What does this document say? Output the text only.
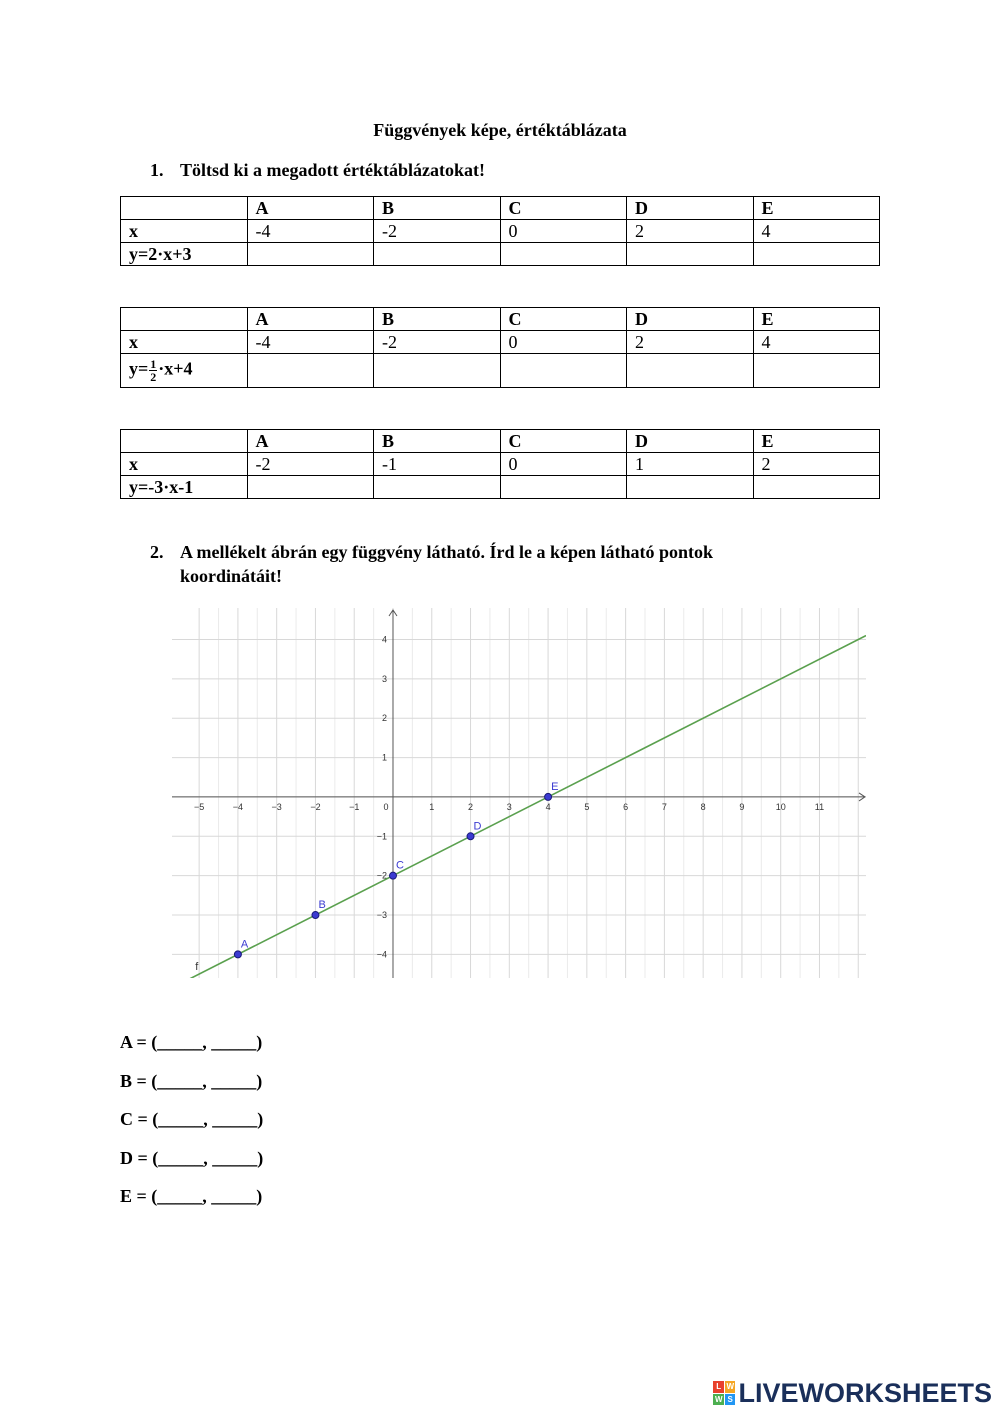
Függvények képe, értéktáblázata
1. Töltsd ki a megadott értéktáblázatokat!
	A	B	C	D	E
x	-4	-2	0	2	4
y=2·x+3					
	A	B	C	D	E
x	-4	-2	0	2	4
$y= \frac{1}{2} \cdot x+4$					
	A	B	C	D	E
x	-2	-1	0	1	2
y=-3·x-1					
2. A mellékelt ábrán egy függvény látható. Írd le a képen látható pontok koordinátáit!
−5	−4	−3	−2	−1	0	1	2	3	4	5	6	7	8	9	10	11
−4
−3
−2
−1
1
2
3
4
f
A
B
C
D
E
A = (_____, _____)
B = (_____, _____)
C = (_____, _____)
D = (_____, _____)
E = (_____, _____)
L W
W S LIVEWORKSHEETS
